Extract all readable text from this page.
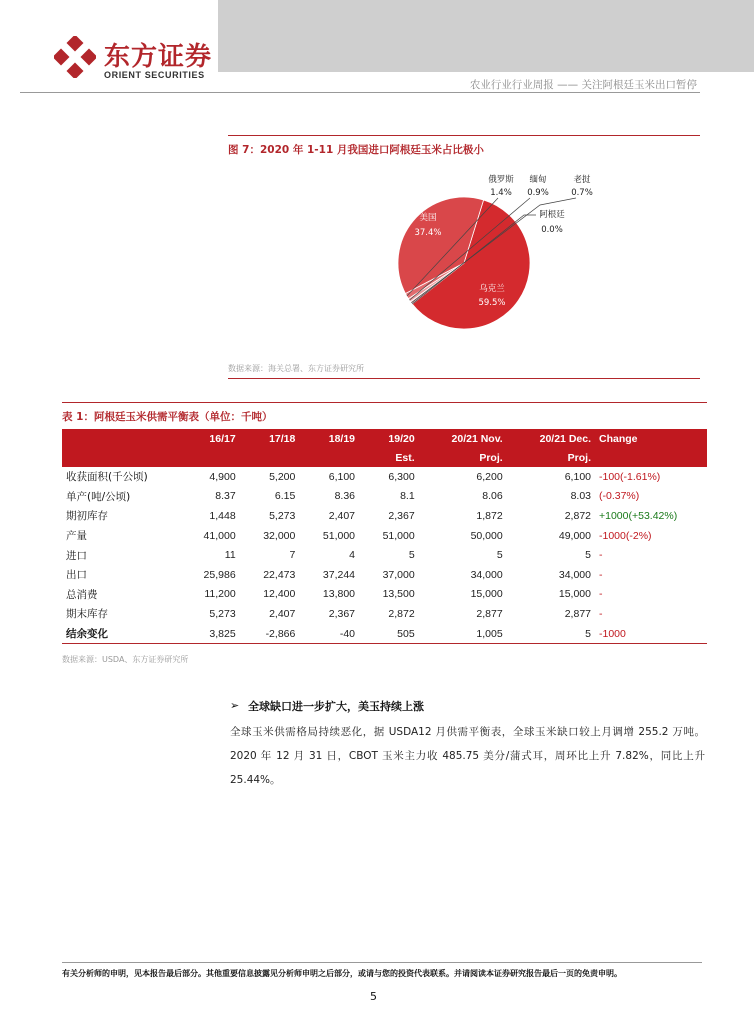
东方证券
ORIENT SECURITIES
农业行业行业周报 —— 关注阿根廷玉米出口暂停
图 7：2020 年 1-11 月我国进口阿根廷玉米占比极小
乌克兰
59.5%
美国
37.4%
俄罗斯
1.4%
缅甸
0.9%
老挝
0.7%
阿根廷
0.0%
数据来源：海关总署、东方证券研究所
表 1：阿根廷玉米供需平衡表（单位：千吨）
	16/17	17/18	18/19	19/20	20/21 Nov.	20/21 Dec.	Change
				Est.	Proj.	Proj.	
收获面积(千公顷)	4,900	5,200	6,100	6,300	6,200	6,100	-100(-1.61%)
单产(吨/公顷)	8.37	6.15	8.36	8.1	8.06	8.03	(-0.37%)
期初库存	1,448	5,273	2,407	2,367	1,872	2,872	+1000(+53.42%)
产量	41,000	32,000	51,000	51,000	50,000	49,000	-1000(-2%)
进口	11	7	4	5	5	5	-
出口	25,986	22,473	37,244	37,000	34,000	34,000	-
总消费	11,200	12,400	13,800	13,500	15,000	15,000	-
期末库存	5,273	2,407	2,367	2,872	2,877	2,877	-
结余变化	3,825	-2,866	-40	505	1,005	5	-1000
数据来源：USDA、东方证券研究所
➢ 全球缺口进一步扩大，美玉持续上涨
全球玉米供需格局持续恶化，据 USDA12 月供需平衡表，全球玉米缺口较上月调增 255.2 万吨。2020 年 12 月 31 日，CBOT 玉米主力收 485.75 美分/蒲式耳，周环比上升 7.82%，同比上升 25.44%。
有关分析师的申明，见本报告最后部分。其他重要信息披露见分析师申明之后部分，或请与您的投资代表联系。并请阅读本证券研究报告最后一页的免责申明。
5
